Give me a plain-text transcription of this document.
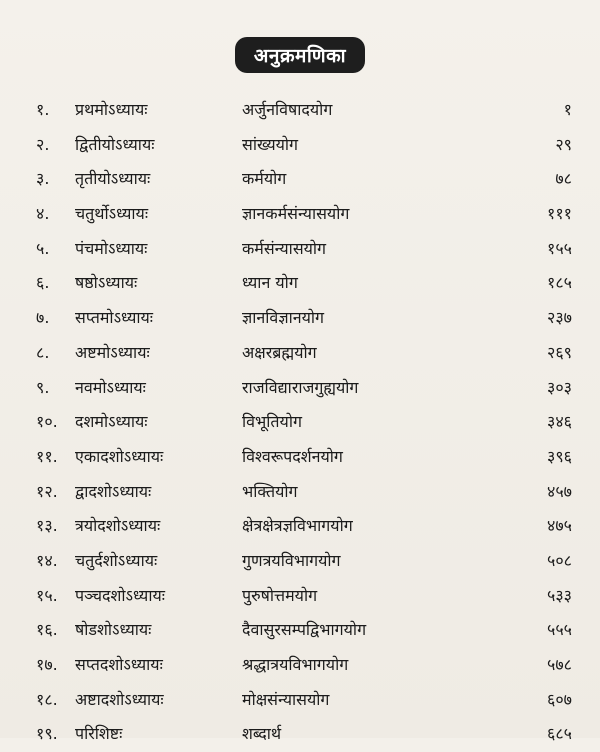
अनुक्रमणिका
१. प्रथमोऽध्यायः	अर्जुनविषादयोग	१
२. द्वितीयोऽध्यायः	सांख्ययोग	२९
३. तृतीयोऽध्यायः	कर्मयोग	७८
४. चतुर्थोऽध्यायः	ज्ञानकर्मसंन्यासयोग	१११
५. पंचमोऽध्यायः	कर्मसंन्यासयोग	१५५
६. षष्ठोऽध्यायः	ध्यान योग	१८५
७. सप्तमोऽध्यायः	ज्ञानविज्ञानयोग	२३७
८. अष्टमोऽध्यायः	अक्षरब्रह्मयोग	२६९
९. नवमोऽध्यायः	राजविद्याराजगुह्ययोग	३०३
१०. दशमोऽध्यायः	विभूतियोग	३४६
११. एकादशोऽध्यायः	विश्वरूपदर्शनयोग	३९६
१२. द्वादशोऽध्यायः	भक्तियोग	४५७
१३. त्रयोदशोऽध्यायः	क्षेत्रक्षेत्रज्ञविभागयोग	४७५
१४. चतुर्दशोऽध्यायः	गुणत्रयविभागयोग	५०८
१५. पञ्चदशोऽध्यायः	पुरुषोत्तमयोग	५३३
१६. षोडशोऽध्यायः	दैवासुरसम्पद्विभागयोग	५५५
१७. सप्तदशोऽध्यायः	श्रद्धात्रयविभागयोग	५७८
१८. अष्टादशोऽध्यायः	मोक्षसंन्यासयोग	६०७
१९. परिशिष्टः	शब्दार्थ	६८५
